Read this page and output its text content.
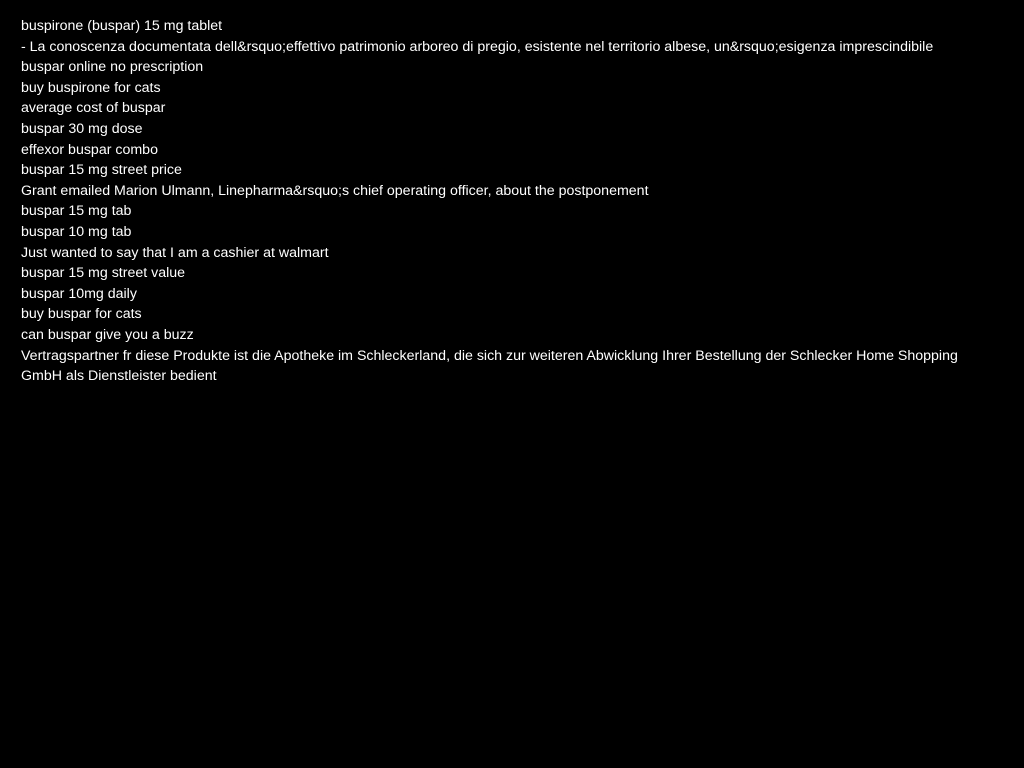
buspirone (buspar) 15 mg tablet
- La conoscenza documentata dell&rsquo;effettivo patrimonio arboreo di pregio, esistente nel territorio albese, un&rsquo;esigenza imprescindibile
buspar online no prescription
buy buspirone for cats
average cost of buspar
buspar 30 mg dose
effexor buspar combo
buspar 15 mg street price
Grant emailed Marion Ulmann, Linepharma&rsquo;s chief operating officer, about the postponement
buspar 15 mg tab
buspar 10 mg tab
Just wanted to say that I am a cashier at walmart
buspar 15 mg street value
buspar 10mg daily
buy buspar for cats
can buspar give you a buzz
Vertragspartner fr diese Produkte ist die Apotheke im Schleckerland, die sich zur weiteren Abwicklung Ihrer Bestellung der Schlecker Home Shopping GmbH als Dienstleister bedient
